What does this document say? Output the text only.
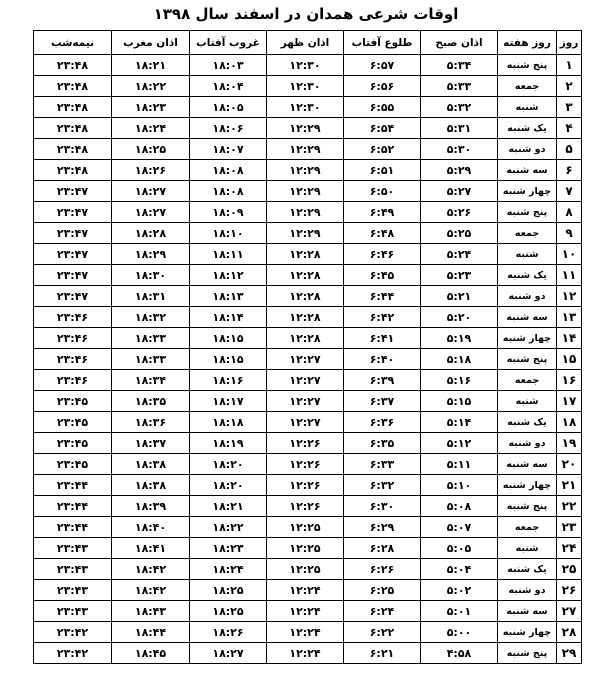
اوقات شرعی همدان در اسفند سال ۱۳۹۸
روز	روز هفته	اذان صبح	طلوع آفتاب	اذان ظهر	غروب آفتاب	اذان مغرب	نیمه‌شب
۱	پنج شنبه	۵:۳۴	۶:۵۷	۱۲:۳۰	۱۸:۰۳	۱۸:۲۱	۲۳:۴۸
۲	جمعه	۵:۳۳	۶:۵۶	۱۲:۳۰	۱۸:۰۴	۱۸:۲۲	۲۳:۴۸
۳	شنبه	۵:۳۲	۶:۵۵	۱۲:۳۰	۱۸:۰۵	۱۸:۲۳	۲۳:۴۸
۴	یک شنبه	۵:۳۱	۶:۵۴	۱۲:۲۹	۱۸:۰۶	۱۸:۲۴	۲۳:۴۸
۵	دو شنبه	۵:۳۰	۶:۵۲	۱۲:۲۹	۱۸:۰۷	۱۸:۲۵	۲۳:۴۸
۶	سه شنبه	۵:۲۹	۶:۵۱	۱۲:۲۹	۱۸:۰۸	۱۸:۲۶	۲۳:۴۸
۷	چهار شنبه	۵:۲۷	۶:۵۰	۱۲:۲۹	۱۸:۰۸	۱۸:۲۷	۲۳:۴۷
۸	پنج شنبه	۵:۲۶	۶:۴۹	۱۲:۲۹	۱۸:۰۹	۱۸:۲۷	۲۳:۴۷
۹	جمعه	۵:۲۵	۶:۴۸	۱۲:۲۹	۱۸:۱۰	۱۸:۲۸	۲۳:۴۷
۱۰	شنبه	۵:۲۴	۶:۴۶	۱۲:۲۸	۱۸:۱۱	۱۸:۲۹	۲۳:۴۷
۱۱	یک شنبه	۵:۲۳	۶:۴۵	۱۲:۲۸	۱۸:۱۲	۱۸:۳۰	۲۳:۴۷
۱۲	دو شنبه	۵:۲۱	۶:۴۴	۱۲:۲۸	۱۸:۱۳	۱۸:۳۱	۲۳:۴۷
۱۳	سه شنبه	۵:۲۰	۶:۴۲	۱۲:۲۸	۱۸:۱۴	۱۸:۳۲	۲۳:۴۶
۱۴	چهار شنبه	۵:۱۹	۶:۴۱	۱۲:۲۸	۱۸:۱۵	۱۸:۳۳	۲۳:۴۶
۱۵	پنج شنبه	۵:۱۸	۶:۴۰	۱۲:۲۷	۱۸:۱۵	۱۸:۳۳	۲۳:۴۶
۱۶	جمعه	۵:۱۶	۶:۳۹	۱۲:۲۷	۱۸:۱۶	۱۸:۳۴	۲۳:۴۶
۱۷	شنبه	۵:۱۵	۶:۳۷	۱۲:۲۷	۱۸:۱۷	۱۸:۳۵	۲۳:۴۵
۱۸	یک شنبه	۵:۱۴	۶:۳۶	۱۲:۲۷	۱۸:۱۸	۱۸:۳۶	۲۳:۴۵
۱۹	دو شنبه	۵:۱۲	۶:۳۵	۱۲:۲۶	۱۸:۱۹	۱۸:۳۷	۲۳:۴۵
۲۰	سه شنبه	۵:۱۱	۶:۳۳	۱۲:۲۶	۱۸:۲۰	۱۸:۳۸	۲۳:۴۵
۲۱	چهار شنبه	۵:۱۰	۶:۳۲	۱۲:۲۶	۱۸:۲۰	۱۸:۳۸	۲۳:۴۴
۲۲	پنج شنبه	۵:۰۸	۶:۳۰	۱۲:۲۶	۱۸:۲۱	۱۸:۳۹	۲۳:۴۴
۲۳	جمعه	۵:۰۷	۶:۲۹	۱۲:۲۵	۱۸:۲۲	۱۸:۴۰	۲۳:۴۴
۲۴	شنبه	۵:۰۵	۶:۲۸	۱۲:۲۵	۱۸:۲۳	۱۸:۴۱	۲۳:۴۳
۲۵	یک شنبه	۵:۰۴	۶:۲۶	۱۲:۲۵	۱۸:۲۴	۱۸:۴۲	۲۳:۴۳
۲۶	دو شنبه	۵:۰۲	۶:۲۵	۱۲:۲۴	۱۸:۲۵	۱۸:۴۲	۲۳:۴۳
۲۷	سه شنبه	۵:۰۱	۶:۲۴	۱۲:۲۴	۱۸:۲۵	۱۸:۴۳	۲۳:۴۳
۲۸	چهار شنبه	۵:۰۰	۶:۲۲	۱۲:۲۴	۱۸:۲۶	۱۸:۴۴	۲۳:۴۲
۲۹	پنج شنبه	۴:۵۸	۶:۲۱	۱۲:۲۴	۱۸:۲۷	۱۸:۴۵	۲۳:۴۲
